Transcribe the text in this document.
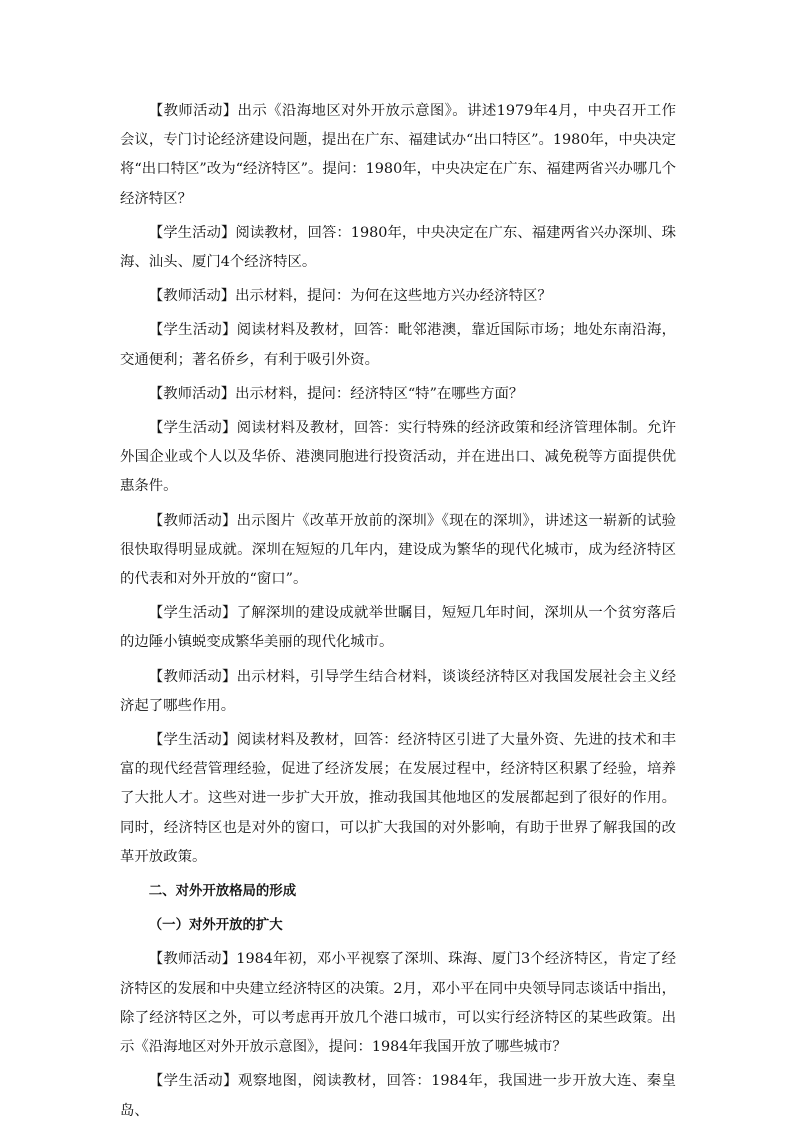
【教师活动】出示《沿海地区对外开放示意图》。讲述1979年4月，中央召开工作会议，专门讨论经济建设问题，提出在广东、福建试办“出口特区”。1980年，中央决定将“出口特区”改为“经济特区”。提问：1980年，中央决定在广东、福建两省兴办哪几个经济特区？

【学生活动】阅读教材，回答：1980年，中央决定在广东、福建两省兴办深圳、珠海、汕头、厦门4个经济特区。

【教师活动】出示材料，提问：为何在这些地方兴办经济特区？

【学生活动】阅读材料及教材，回答：毗邻港澳，靠近国际市场；地处东南沿海，交通便利；著名侨乡，有利于吸引外资。

【教师活动】出示材料，提问：经济特区“特”在哪些方面？

【学生活动】阅读材料及教材，回答：实行特殊的经济政策和经济管理体制。允许外国企业或个人以及华侨、港澳同胞进行投资活动，并在进出口、减免税等方面提供优惠条件。

【教师活动】出示图片《改革开放前的深圳》《现在的深圳》，讲述这一崭新的试验很快取得明显成就。深圳在短短的几年内，建设成为繁华的现代化城市，成为经济特区的代表和对外开放的“窗口”。

【学生活动】了解深圳的建设成就举世瞩目，短短几年时间，深圳从一个贫穷落后的边陲小镇蜕变成繁华美丽的现代化城市。

【教师活动】出示材料，引导学生结合材料，谈谈经济特区对我国发展社会主义经济起了哪些作用。

【学生活动】阅读材料及教材，回答：经济特区引进了大量外资、先进的技术和丰富的现代经营管理经验，促进了经济发展；在发展过程中，经济特区积累了经验，培养了大批人才。这些对进一步扩大开放，推动我国其他地区的发展都起到了很好的作用。同时，经济特区也是对外的窗口，可以扩大我国的对外影响，有助于世界了解我国的改革开放政策。

二、对外开放格局的形成

（一）对外开放的扩大

【教师活动】1984年初，邓小平视察了深圳、珠海、厦门3个经济特区，肯定了经济特区的发展和中央建立经济特区的决策。2月，邓小平在同中央领导同志谈话中指出，除了经济特区之外，可以考虑再开放几个港口城市，可以实行经济特区的某些政策。出示《沿海地区对外开放示意图》，提问：1984年我国开放了哪些城市？

【学生活动】观察地图，阅读教材，回答：1984年，我国进一步开放大连、秦皇岛、
